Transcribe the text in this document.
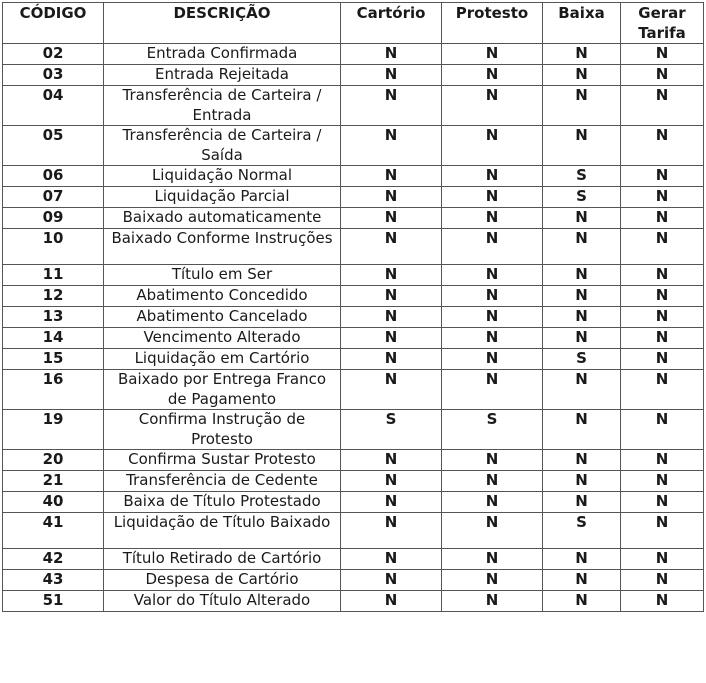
CÓDIGO	DESCRIÇÃO	Cartório	Protesto	Baixa	Gerar Tarifa
02	Entrada Confirmada	N	N	N	N
03	Entrada Rejeitada	N	N	N	N
04	Transferência de Carteira / Entrada	N	N	N	N
05	Transferência de Carteira / Saída	N	N	N	N
06	Liquidação Normal	N	N	S	N
07	Liquidação Parcial	N	N	S	N
09	Baixado automaticamente	N	N	N	N
10	Baixado Conforme Instruções	N	N	N	N
11	Título em Ser	N	N	N	N
12	Abatimento Concedido	N	N	N	N
13	Abatimento Cancelado	N	N	N	N
14	Vencimento Alterado	N	N	N	N
15	Liquidação em Cartório	N	N	S	N
16	Baixado por Entrega Franco de Pagamento	N	N	N	N
19	Confirma Instrução de Protesto	S	S	N	N
20	Confirma Sustar Protesto	N	N	N	N
21	Transferência de Cedente	N	N	N	N
40	Baixa de Título Protestado	N	N	N	N
41	Liquidação de Título Baixado	N	N	S	N
42	Título Retirado de Cartório	N	N	N	N
43	Despesa de Cartório	N	N	N	N
51	Valor do Título Alterado	N	N	N	N
